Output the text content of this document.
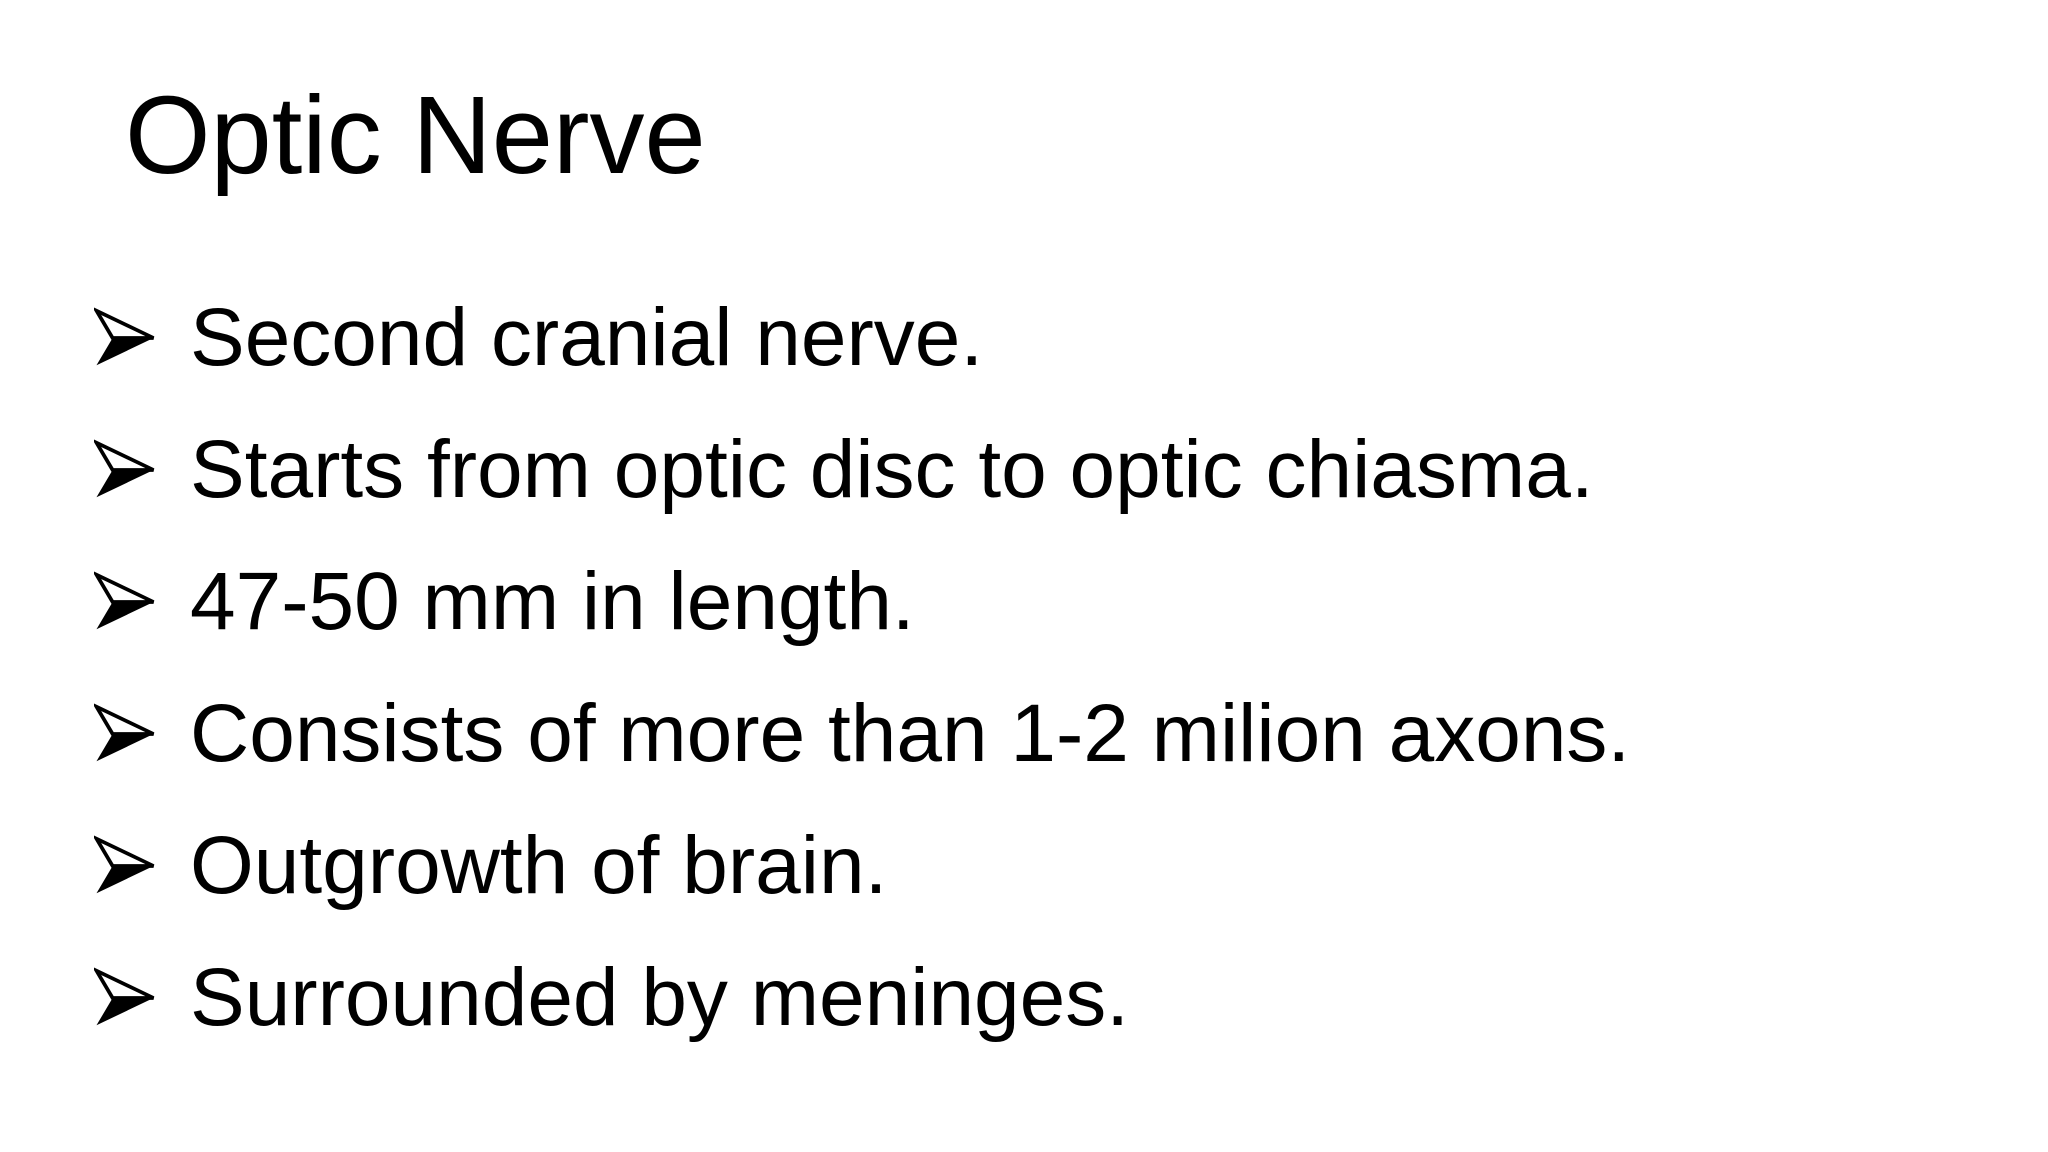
Optic Nerve
Second cranial nerve.
Starts from optic disc to optic chiasma.
47-50 mm in length.
Consists of more than 1-2 milion axons.
Outgrowth of brain.
Surrounded by meninges.
